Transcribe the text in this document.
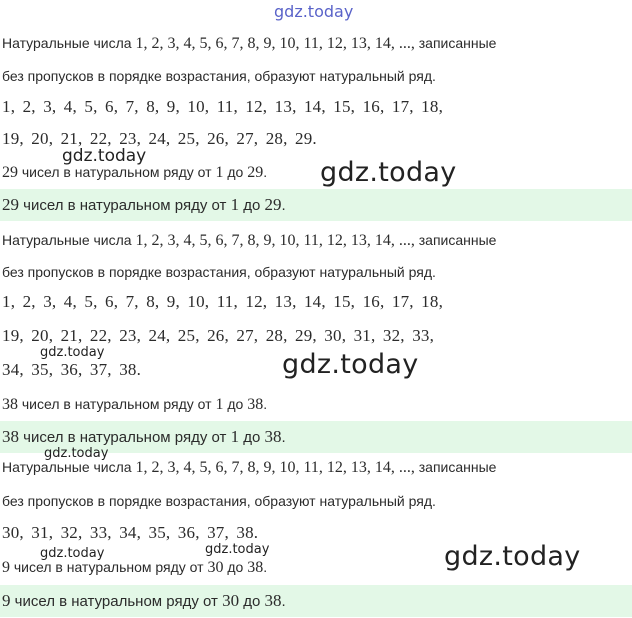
gdz.today
Натуральные числа 1, 2, 3, 4, 5, 6, 7, 8, 9, 10, 11, 12, 13, 14, ..., записанные
без пропусков в порядке возрастания, образуют натуральный ряд.
1, 2, 3, 4, 5, 6, 7, 8, 9, 10, 11, 12, 13, 14, 15, 16, 17, 18,
19, 20, 21, 22, 23, 24, 25, 26, 27, 28, 29.
29 чисел в натуральном ряду от 1 до 29.
29 чисел в натуральном ряду от 1 до 29.
Натуральные числа 1, 2, 3, 4, 5, 6, 7, 8, 9, 10, 11, 12, 13, 14, ..., записанные
без пропусков в порядке возрастания, образуют натуральный ряд.
1, 2, 3, 4, 5, 6, 7, 8, 9, 10, 11, 12, 13, 14, 15, 16, 17, 18,
19, 20, 21, 22, 23, 24, 25, 26, 27, 28, 29, 30, 31, 32, 33,
34, 35, 36, 37, 38.
38 чисел в натуральном ряду от 1 до 38.
38 чисел в натуральном ряду от 1 до 38.
Натуральные числа 1, 2, 3, 4, 5, 6, 7, 8, 9, 10, 11, 12, 13, 14, ..., записанные
без пропусков в порядке возрастания, образуют натуральный ряд.
30, 31, 32, 33, 34, 35, 36, 37, 38.
9 чисел в натуральном ряду от 30 до 38.
9 чисел в натуральном ряду от 30 до 38.
gdz.today
gdz.today
gdz.today	gdz.today
gdz.today
gdz.today	gdz.today	gdz.today
